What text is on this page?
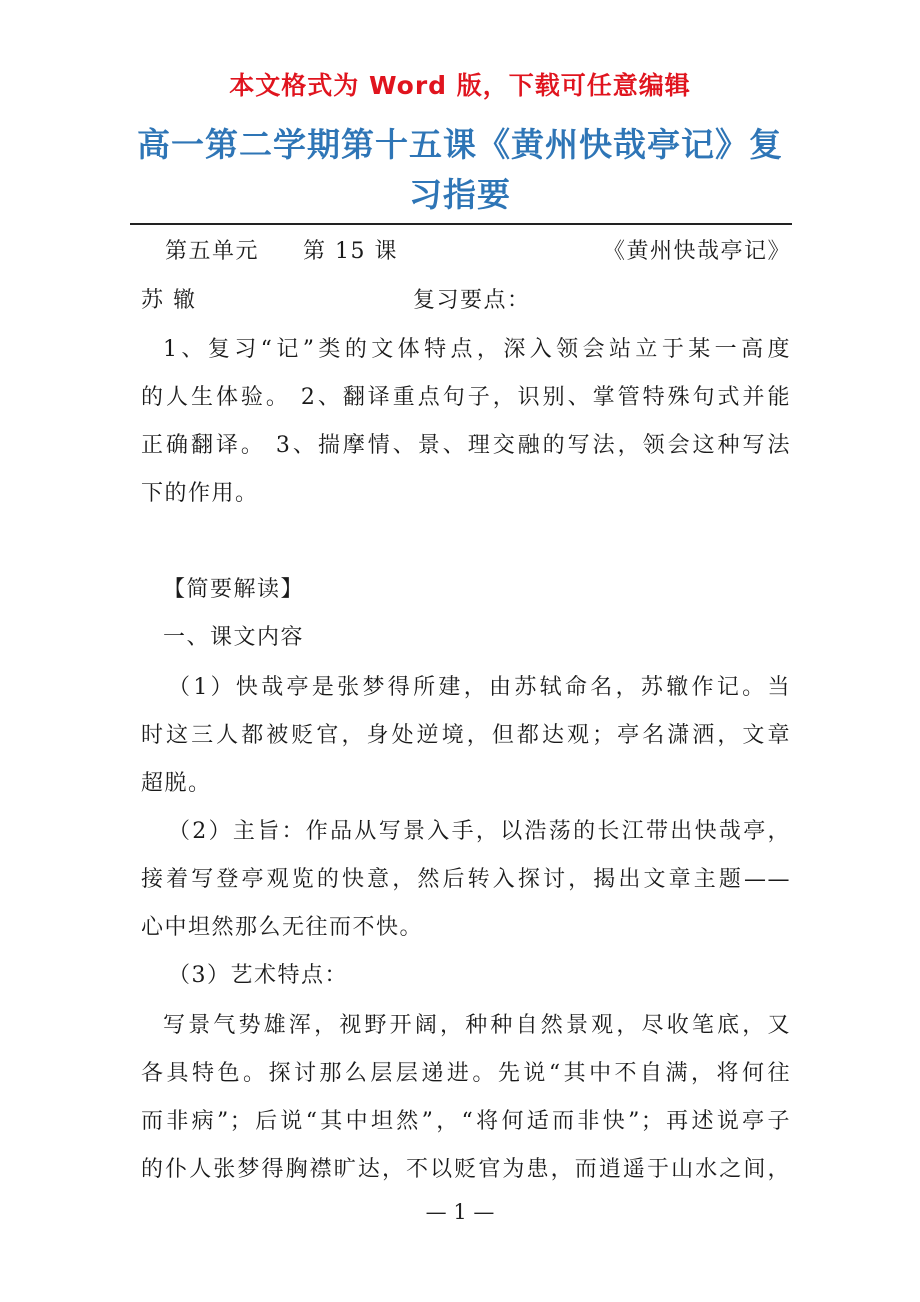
本文格式为 Word 版，下载可任意编辑
高一第二学期第十五课《黄州快哉亭记》复
习指要
第五单元 第 15 课	《黄州快哉亭记》
苏 辙	复习要点：
1、复习“记”类的文体特点，深入领会站立于某一高度
的人生体验。 2、翻译重点句子，识别、掌管特殊句式并能
正确翻译。 3、揣摩情、景、理交融的写法，领会这种写法
下的作用。
【简要解读】
一、课文内容
（1）快哉亭是张梦得所建，由苏轼命名，苏辙作记。当
时这三人都被贬官，身处逆境，但都达观；亭名潇洒，文章
超脱。
（2）主旨：作品从写景入手，以浩荡的长江带出快哉亭，
接着写登亭观览的快意，然后转入探讨，揭出文章主题——
心中坦然那么无往而不快。
（3）艺术特点：
写景气势雄浑，视野开阔，种种自然景观，尽收笔底，又
各具特色。探讨那么层层递进。先说“其中不自满，将何往
而非病”；后说“其中坦然”，“将何适而非快”；再述说亭子
的仆人张梦得胸襟旷达，不以贬官为患，而逍遥于山水之间，
— 1 —
